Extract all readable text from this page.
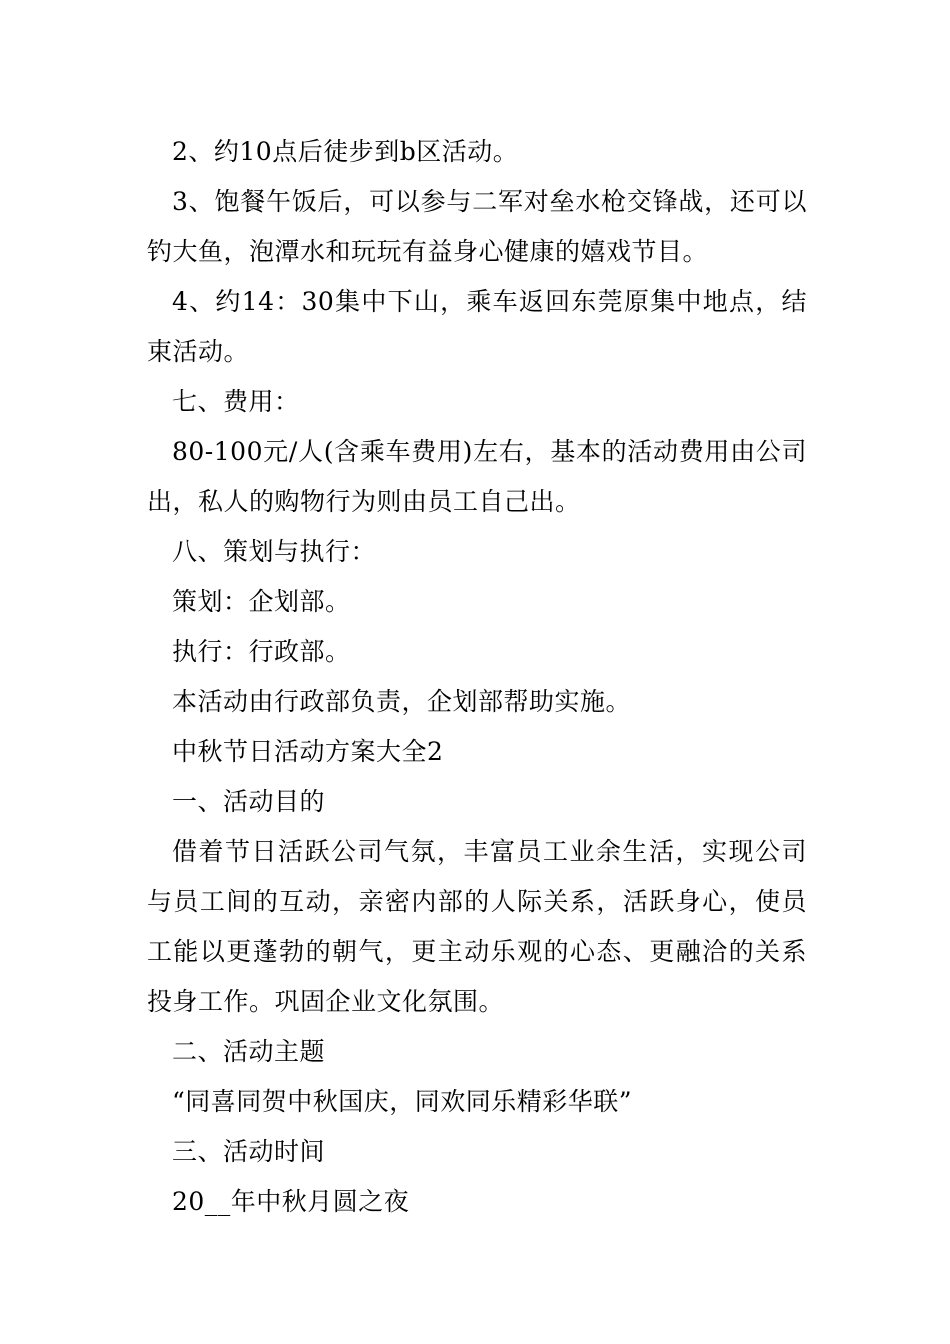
2、约10点后徒步到b区活动。

3、饱餐午饭后，可以参与二军对垒水枪交锋战，还可以钓大鱼，泡潭水和玩玩有益身心健康的嬉戏节目。

4、约14：30集中下山，乘车返回东莞原集中地点，结束活动。

七、费用：

80-100元/人(含乘车费用)左右，基本的活动费用由公司出，私人的购物行为则由员工自己出。

八、策划与执行：

策划：企划部。

执行：行政部。

本活动由行政部负责，企划部帮助实施。

中秋节日活动方案大全2

一、活动目的

借着节日活跃公司气氛，丰富员工业余生活，实现公司与员工间的互动，亲密内部的人际关系，活跃身心，使员工能以更蓬勃的朝气，更主动乐观的心态、更融洽的关系投身工作。巩固企业文化氛围。

二、活动主题

“同喜同贺中秋国庆，同欢同乐精彩华联”

三、活动时间

20__年中秋月圆之夜
